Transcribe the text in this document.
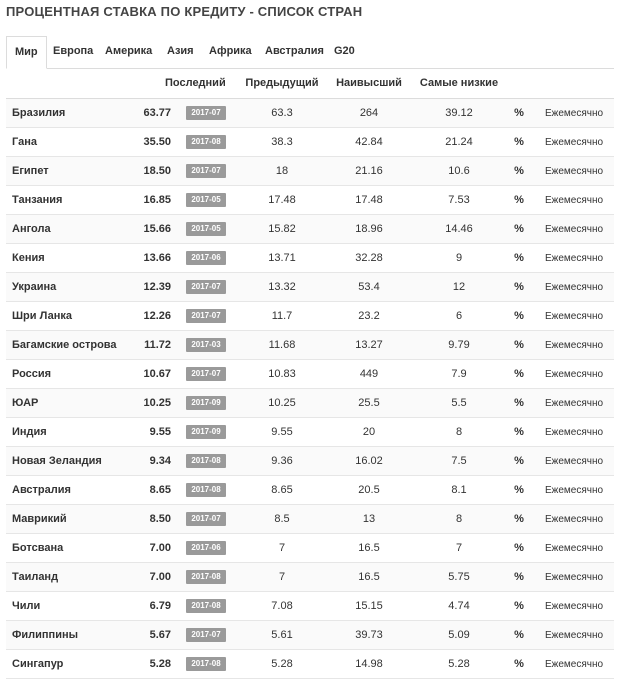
ПРОЦЕНТНАЯ СТАВКА ПО КРЕДИТУ - СПИСОК СТРАН
Мир	Европа Америка Азия Африка Австралия G20
	Последний		Предыдущий	Наивысший	Самые низкие		
Бразилия	63.77	2017-07	63.3	264	39.12	%	Ежемесячно
Гана	35.50	2017-08	38.3	42.84	21.24	%	Ежемесячно
Египет	18.50	2017-07	18	21.16	10.6	%	Ежемесячно
Танзания	16.85	2017-05	17.48	17.48	7.53	%	Ежемесячно
Ангола	15.66	2017-05	15.82	18.96	14.46	%	Ежемесячно
Кения	13.66	2017-06	13.71	32.28	9	%	Ежемесячно
Украина	12.39	2017-07	13.32	53.4	12	%	Ежемесячно
Шри Ланка	12.26	2017-07	11.7	23.2	6	%	Ежемесячно
Багамские острова	11.72	2017-03	11.68	13.27	9.79	%	Ежемесячно
Россия	10.67	2017-07	10.83	449	7.9	%	Ежемесячно
ЮАР	10.25	2017-09	10.25	25.5	5.5	%	Ежемесячно
Индия	9.55	2017-09	9.55	20	8	%	Ежемесячно
Новая Зеландия	9.34	2017-08	9.36	16.02	7.5	%	Ежемесячно
Австралия	8.65	2017-08	8.65	20.5	8.1	%	Ежемесячно
Маврикий	8.50	2017-07	8.5	13	8	%	Ежемесячно
Ботсвана	7.00	2017-06	7	16.5	7	%	Ежемесячно
Таиланд	7.00	2017-08	7	16.5	5.75	%	Ежемесячно
Чили	6.79	2017-08	7.08	15.15	4.74	%	Ежемесячно
Филиппины	5.67	2017-07	5.61	39.73	5.09	%	Ежемесячно
Сингапур	5.28	2017-08	5.28	14.98	5.28	%	Ежемесячно
